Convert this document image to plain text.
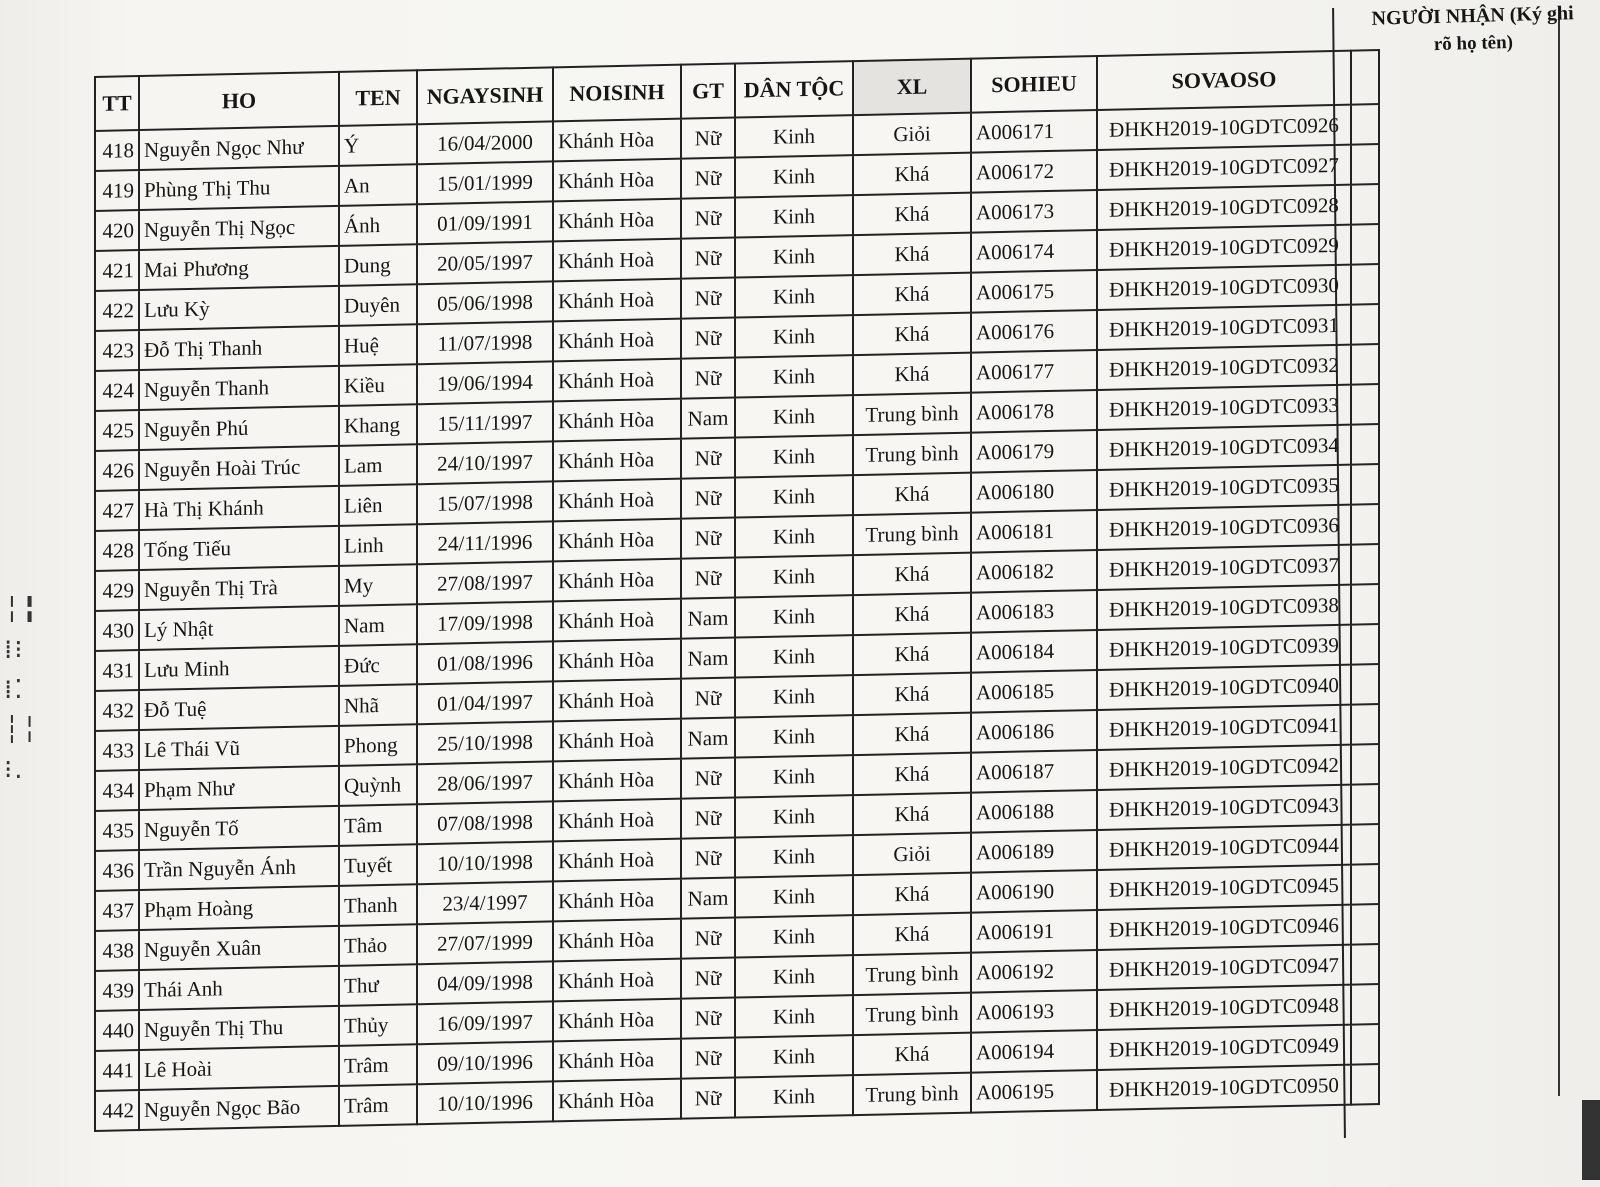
╎╏
⁞⁝
⁞⁚
┆╎
⁝.
NGƯỜI NHẬN (Ký ghi
rõ họ tên)
TT	HO	TEN	NGAYSINH	NOISINH	GT	DÂN TỘC	XL	SOHIEU	SOVAOSO	
418	Nguyễn Ngọc Như	Ý	16/04/2000	Khánh Hòa	Nữ	Kinh	Giỏi	A006171	ĐHKH2019-10GDTC0926	
419	Phùng Thị Thu	An	15/01/1999	Khánh Hòa	Nữ	Kinh	Khá	A006172	ĐHKH2019-10GDTC0927	
420	Nguyễn Thị Ngọc	Ánh	01/09/1991	Khánh Hòa	Nữ	Kinh	Khá	A006173	ĐHKH2019-10GDTC0928	
421	Mai Phương	Dung	20/05/1997	Khánh Hoà	Nữ	Kinh	Khá	A006174	ĐHKH2019-10GDTC0929	
422	Lưu Kỳ	Duyên	05/06/1998	Khánh Hoà	Nữ	Kinh	Khá	A006175	ĐHKH2019-10GDTC0930	
423	Đỗ Thị Thanh	Huệ	11/07/1998	Khánh Hoà	Nữ	Kinh	Khá	A006176	ĐHKH2019-10GDTC0931	
424	Nguyễn Thanh	Kiều	19/06/1994	Khánh Hoà	Nữ	Kinh	Khá	A006177	ĐHKH2019-10GDTC0932	
425	Nguyễn Phú	Khang	15/11/1997	Khánh Hòa	Nam	Kinh	Trung bình	A006178	ĐHKH2019-10GDTC0933	
426	Nguyễn Hoài Trúc	Lam	24/10/1997	Khánh Hòa	Nữ	Kinh	Trung bình	A006179	ĐHKH2019-10GDTC0934	
427	Hà Thị Khánh	Liên	15/07/1998	Khánh Hoà	Nữ	Kinh	Khá	A006180	ĐHKH2019-10GDTC0935	
428	Tống Tiếu	Linh	24/11/1996	Khánh Hòa	Nữ	Kinh	Trung bình	A006181	ĐHKH2019-10GDTC0936	
429	Nguyễn Thị Trà	My	27/08/1997	Khánh Hòa	Nữ	Kinh	Khá	A006182	ĐHKH2019-10GDTC0937	
430	Lý Nhật	Nam	17/09/1998	Khánh Hoà	Nam	Kinh	Khá	A006183	ĐHKH2019-10GDTC0938	
431	Lưu Minh	Đức	01/08/1996	Khánh Hòa	Nam	Kinh	Khá	A006184	ĐHKH2019-10GDTC0939	
432	Đỗ Tuệ	Nhã	01/04/1997	Khánh Hoà	Nữ	Kinh	Khá	A006185	ĐHKH2019-10GDTC0940	
433	Lê Thái Vũ	Phong	25/10/1998	Khánh Hoà	Nam	Kinh	Khá	A006186	ĐHKH2019-10GDTC0941	
434	Phạm Như	Quỳnh	28/06/1997	Khánh Hòa	Nữ	Kinh	Khá	A006187	ĐHKH2019-10GDTC0942	
435	Nguyễn Tố	Tâm	07/08/1998	Khánh Hoà	Nữ	Kinh	Khá	A006188	ĐHKH2019-10GDTC0943	
436	Trần Nguyễn Ánh	Tuyết	10/10/1998	Khánh Hoà	Nữ	Kinh	Giỏi	A006189	ĐHKH2019-10GDTC0944	
437	Phạm Hoàng	Thanh	23/4/1997	Khánh Hòa	Nam	Kinh	Khá	A006190	ĐHKH2019-10GDTC0945	
438	Nguyễn Xuân	Thảo	27/07/1999	Khánh Hòa	Nữ	Kinh	Khá	A006191	ĐHKH2019-10GDTC0946	
439	Thái Anh	Thư	04/09/1998	Khánh Hoà	Nữ	Kinh	Trung bình	A006192	ĐHKH2019-10GDTC0947	
440	Nguyễn Thị Thu	Thủy	16/09/1997	Khánh Hòa	Nữ	Kinh	Trung bình	A006193	ĐHKH2019-10GDTC0948	
441	Lê Hoài	Trâm	09/10/1996	Khánh Hòa	Nữ	Kinh	Khá	A006194	ĐHKH2019-10GDTC0949	
442	Nguyễn Ngọc Bão	Trâm	10/10/1996	Khánh Hòa	Nữ	Kinh	Trung bình	A006195	ĐHKH2019-10GDTC0950	
